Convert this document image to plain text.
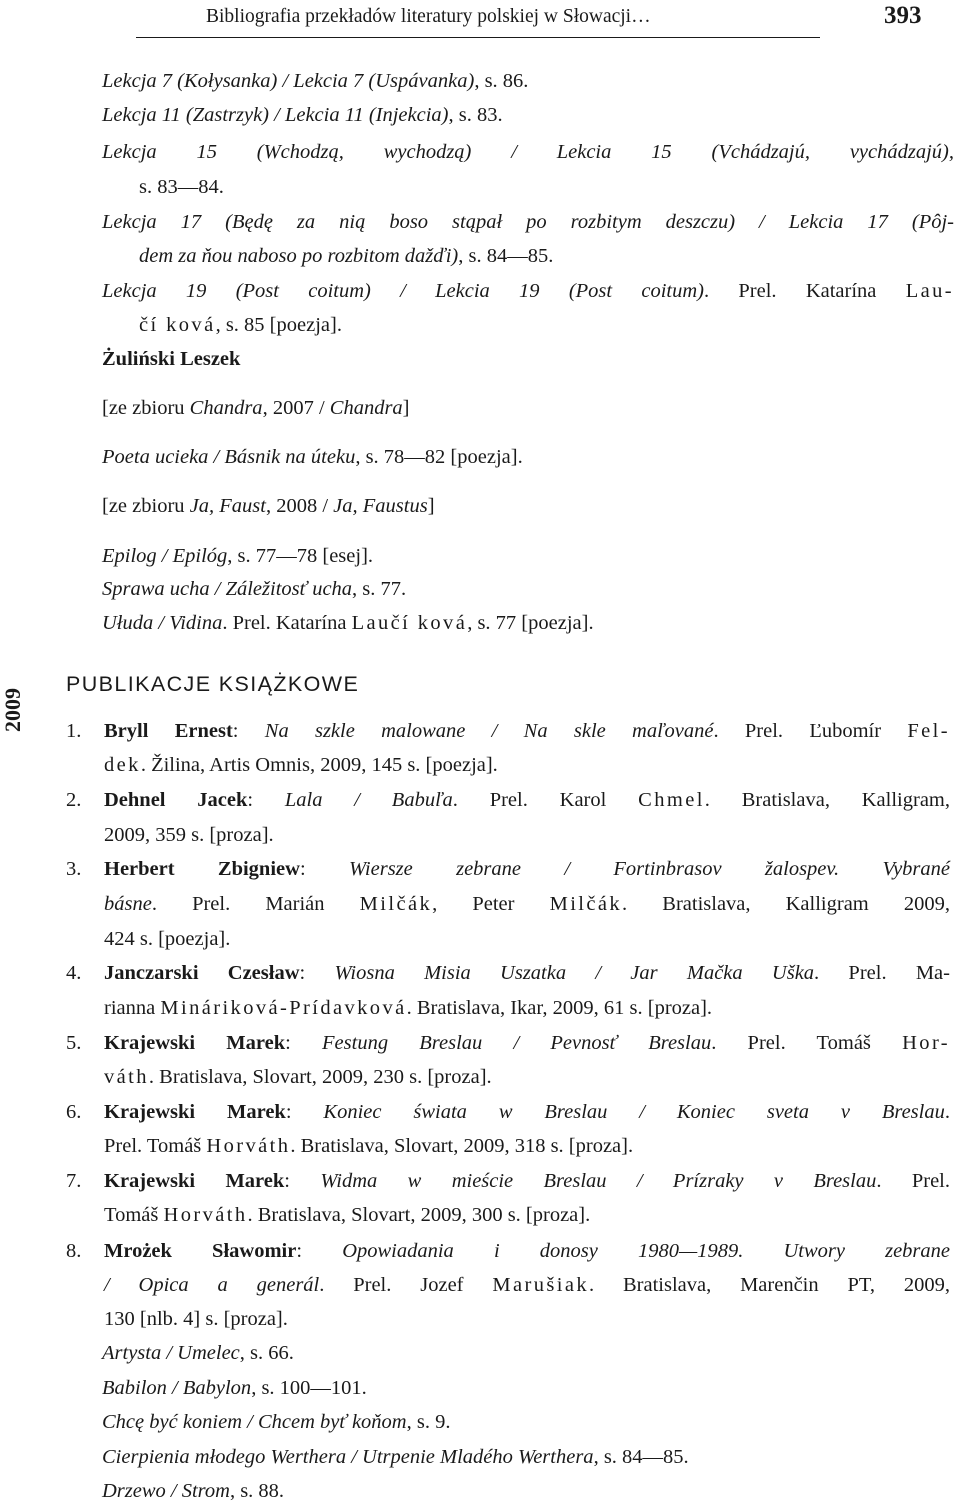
Bibliografia przekładów literatury polskiej w Słowacji…	393
2009
Lekcja 7 (Kołysanka) / Lekcia 7 (Uspávanka), s. 86.
Lekcja 11 (Zastrzyk) / Lekcia 11 (Injekcia), s. 83.
Lekcja 15 (Wchodzą, wychodzą) / Lekcia 15 (Vchádzajú, vychádzajú),
s. 83—84.
Lekcja 17 (Będę za nią boso stąpał po rozbitym deszczu) / Lekcia 17 (Pôj-
dem za ňou naboso po rozbitom dažďi), s. 84—85.
Lekcja 19 (Post coitum) / Lekcia 19 (Post coitum). Prel. Katarína Lau-
čí ková, s. 85 [poezja].
Żuliński Leszek
[ze zbioru Chandra, 2007 / Chandra]
Poeta ucieka / Básnik na úteku, s. 78—82 [poezja].
[ze zbioru Ja, Faust, 2008 / Ja, Faustus]
Epilog / Epilóg, s. 77—78 [esej].
Sprawa ucha / Záležitosť ucha, s. 77.
Ułuda / Vidina. Prel. Katarína Laučí ková, s. 77 [poezja].
1.	Bryll Ernest: Na szkle malowane / Na skle maľované. Prel. Ľubomír Fel-
dek. Žilina, Artis Omnis, 2009, 145 s. [poezja].
2.	Dehnel Jacek: Lala / Babuľa. Prel. Karol Chmel. Bratislava, Kalligram,
2009, 359 s. [proza].
3.	Herbert Zbigniew: Wiersze zebrane / Fortinbrasov žalospev. Vybrané
básne. Prel. Marián Milčák, Peter Milčák. Bratislava, Kalligram 2009,
424 s. [poezja].
4.	Janczarski Czesław: Wiosna Misia Uszatka / Jar Mačka Uška. Prel. Ma-
rianna Mináriková-Prídavková. Bratislava, Ikar, 2009, 61 s. [proza].
5.	Krajewski Marek: Festung Breslau / Pevnosť Breslau. Prel. Tomáš Hor-
váth. Bratislava, Slovart, 2009, 230 s. [proza].
6.	Krajewski Marek: Koniec świata w Breslau / Koniec sveta v Breslau.
Prel. Tomáš Horváth. Bratislava, Slovart, 2009, 318 s. [proza].
7.	Krajewski Marek: Widma w mieście Breslau / Prízraky v Breslau. Prel.
Tomáš Horváth. Bratislava, Slovart, 2009, 300 s. [proza].
8.	Mrożek Sławomir: Opowiadania i donosy 1980—1989. Utwory zebrane
/ Opica a generál. Prel. Jozef Marušiak. Bratislava, Marenčin PT, 2009,
130 [nlb. 4] s. [proza].
Artysta / Umelec, s. 66.
Babilon / Babylon, s. 100—101.
Chcę być koniem / Chcem byť koňom, s. 9.
Cierpienia młodego Werthera / Utrpenie Mladého Werthera, s. 84—85.
Drzewo / Strom, s. 88.
PUBLIKACJE KSIĄŻKOWE
